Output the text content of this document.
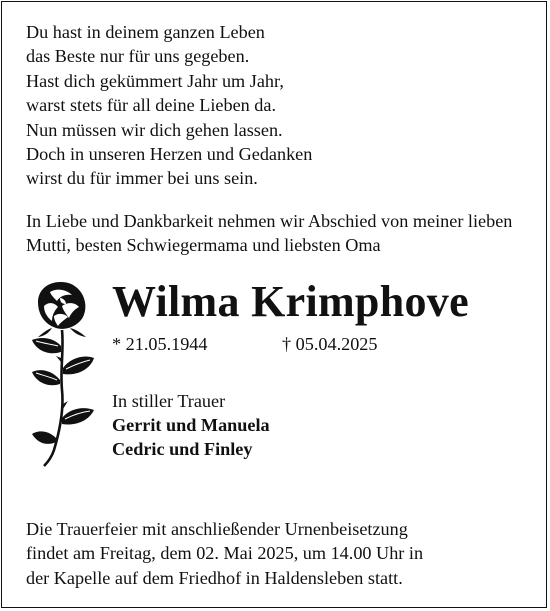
Du hast in deinem ganzen Leben
das Beste nur für uns gegeben.
Hast dich gekümmert Jahr um Jahr,
warst stets für all deine Lieben da.
Nun müssen wir dich gehen lassen.
Doch in unseren Herzen und Gedanken
wirst du für immer bei uns sein.
In Liebe und Dankbarkeit nehmen wir Abschied von meiner lieben Mutti, besten Schwiegermama und liebsten Oma
Wilma Krimphove
* 21.05.1944	† 05.04.2025
In stiller Trauer
Gerrit und Manuela
Cedric und Finley
Die Trauerfeier mit anschließender Urnenbeisetzung
findet am Freitag, dem 02. Mai 2025, um 14.00 Uhr in
der Kapelle auf dem Friedhof in Haldensleben statt.
